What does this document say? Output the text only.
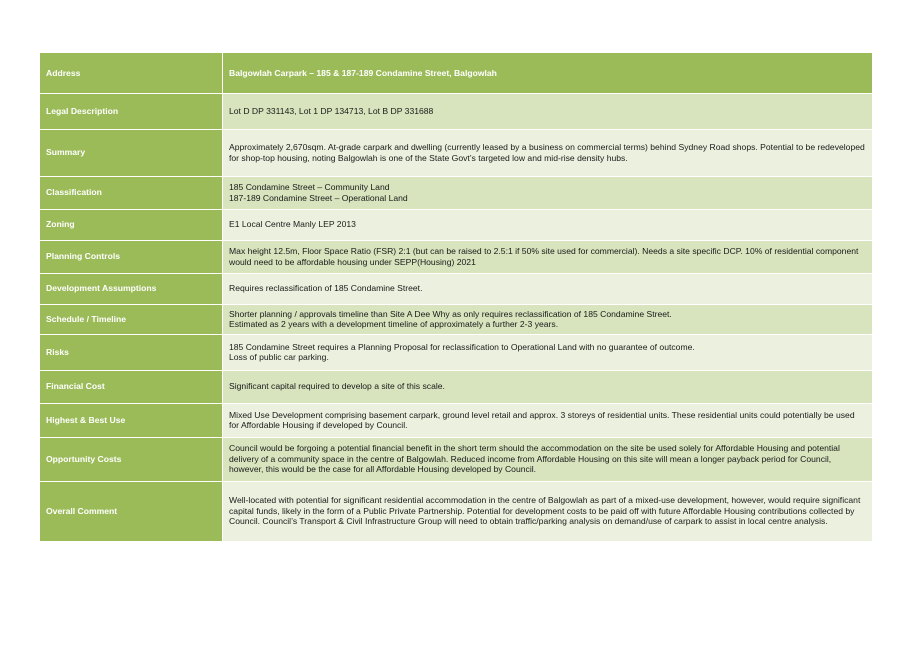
Address	Balgowlah Carpark – 185 & 187-189 Condamine Street, Balgowlah

Legal Description	Lot D DP 331143, Lot 1 DP 134713, Lot B DP 331688

Summary	Approximately 2,670sqm. At-grade carpark and dwelling (currently leased by a business on commercial terms) behind Sydney Road shops. Potential to be redeveloped for shop-top housing, noting Balgowlah is one of the State Govt’s targeted low and mid-rise density hubs.

Classification	185 Condamine Street – Community Land
187-189 Condamine Street – Operational Land

Zoning	E1 Local Centre Manly LEP 2013

Planning Controls	Max height 12.5m, Floor Space Ratio (FSR) 2:1 (but can be raised to 2.5:1 if 50% site used for commercial). Needs a site specific DCP. 10% of residential component would need to be affordable housing under SEPP(Housing) 2021

Development Assumptions	Requires reclassification of 185 Condamine Street.

Schedule / Timeline	Shorter planning / approvals timeline than Site A Dee Why as only requires reclassification of 185 Condamine Street.
Estimated as 2 years with a development timeline of approximately a further 2-3 years.

Risks	185 Condamine Street requires a Planning Proposal for reclassification to Operational Land with no guarantee of outcome.
Loss of public car parking.

Financial Cost	Significant capital required to develop a site of this scale.

Highest & Best Use	Mixed Use Development comprising basement carpark, ground level retail and approx. 3 storeys of residential units. These residential units could potentially be used for Affordable Housing if developed by Council.

Opportunity Costs	Council would be forgoing a potential financial benefit in the short term should the accommodation on the site be used solely for Affordable Housing and potential delivery of a community space in the centre of Balgowlah. Reduced income from Affordable Housing on this site will mean a longer payback period for Council, however, this would be the case for all Affordable Housing developed by Council.

Overall Comment	Well-located with potential for significant residential accommodation in the centre of Balgowlah as part of a mixed-use development, however, would require significant capital funds, likely in the form of a Public Private Partnership. Potential for development costs to be paid off with future Affordable Housing contributions collected by Council. Council’s Transport & Civil Infrastructure Group will need to obtain traffic/parking analysis on demand/use of carpark to assist in local centre analysis.
